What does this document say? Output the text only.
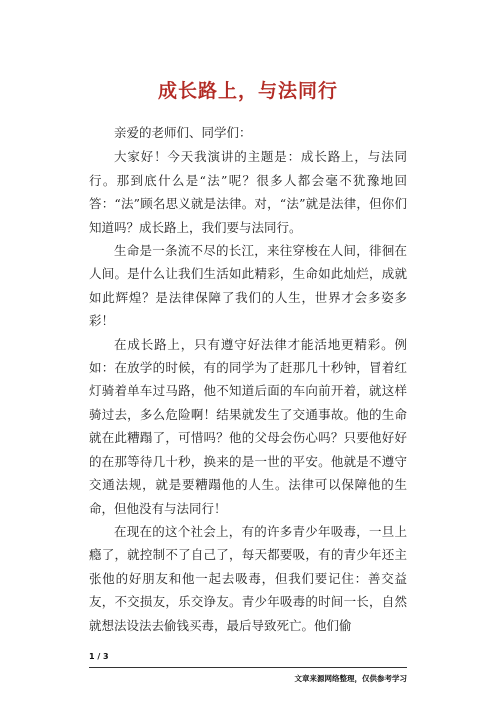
成长路上，与法同行

亲爱的老师们、同学们：

大家好！今天我演讲的主题是：成长路上，与法同行。那到底什么是“法”呢？很多人都会毫不犹豫地回答：“法”顾名思义就是法律。对，“法”就是法律，但你们知道吗？成长路上，我们要与法同行。

生命是一条流不尽的长江，来往穿梭在人间，徘徊在人间。是什么让我们生活如此精彩，生命如此灿烂，成就如此辉煌？是法律保障了我们的人生，世界才会多姿多彩！

在成长路上，只有遵守好法律才能活地更精彩。例如：在放学的时候，有的同学为了赶那几十秒钟，冒着红灯骑着单车过马路，他不知道后面的车向前开着，就这样骑过去，多么危险啊！结果就发生了交通事故。他的生命就在此糟蹋了，可惜吗？他的父母会伤心吗？只要他好好的在那等待几十秒，换来的是一世的平安。他就是不遵守交通法规，就是要糟蹋他的人生。法律可以保障他的生命，但他没有与法同行！

在现在的这个社会上，有的许多青少年吸毒，一旦上瘾了，就控制不了自己了，每天都要吸，有的青少年还主张他的好朋友和他一起去吸毒，但我们要记住：善交益友，不交损友，乐交诤友。青少年吸毒的时间一长，自然就想法设法去偷钱买毒，最后导致死亡。他们偷

1 / 3
文章来源网络整理，仅供参考学习
